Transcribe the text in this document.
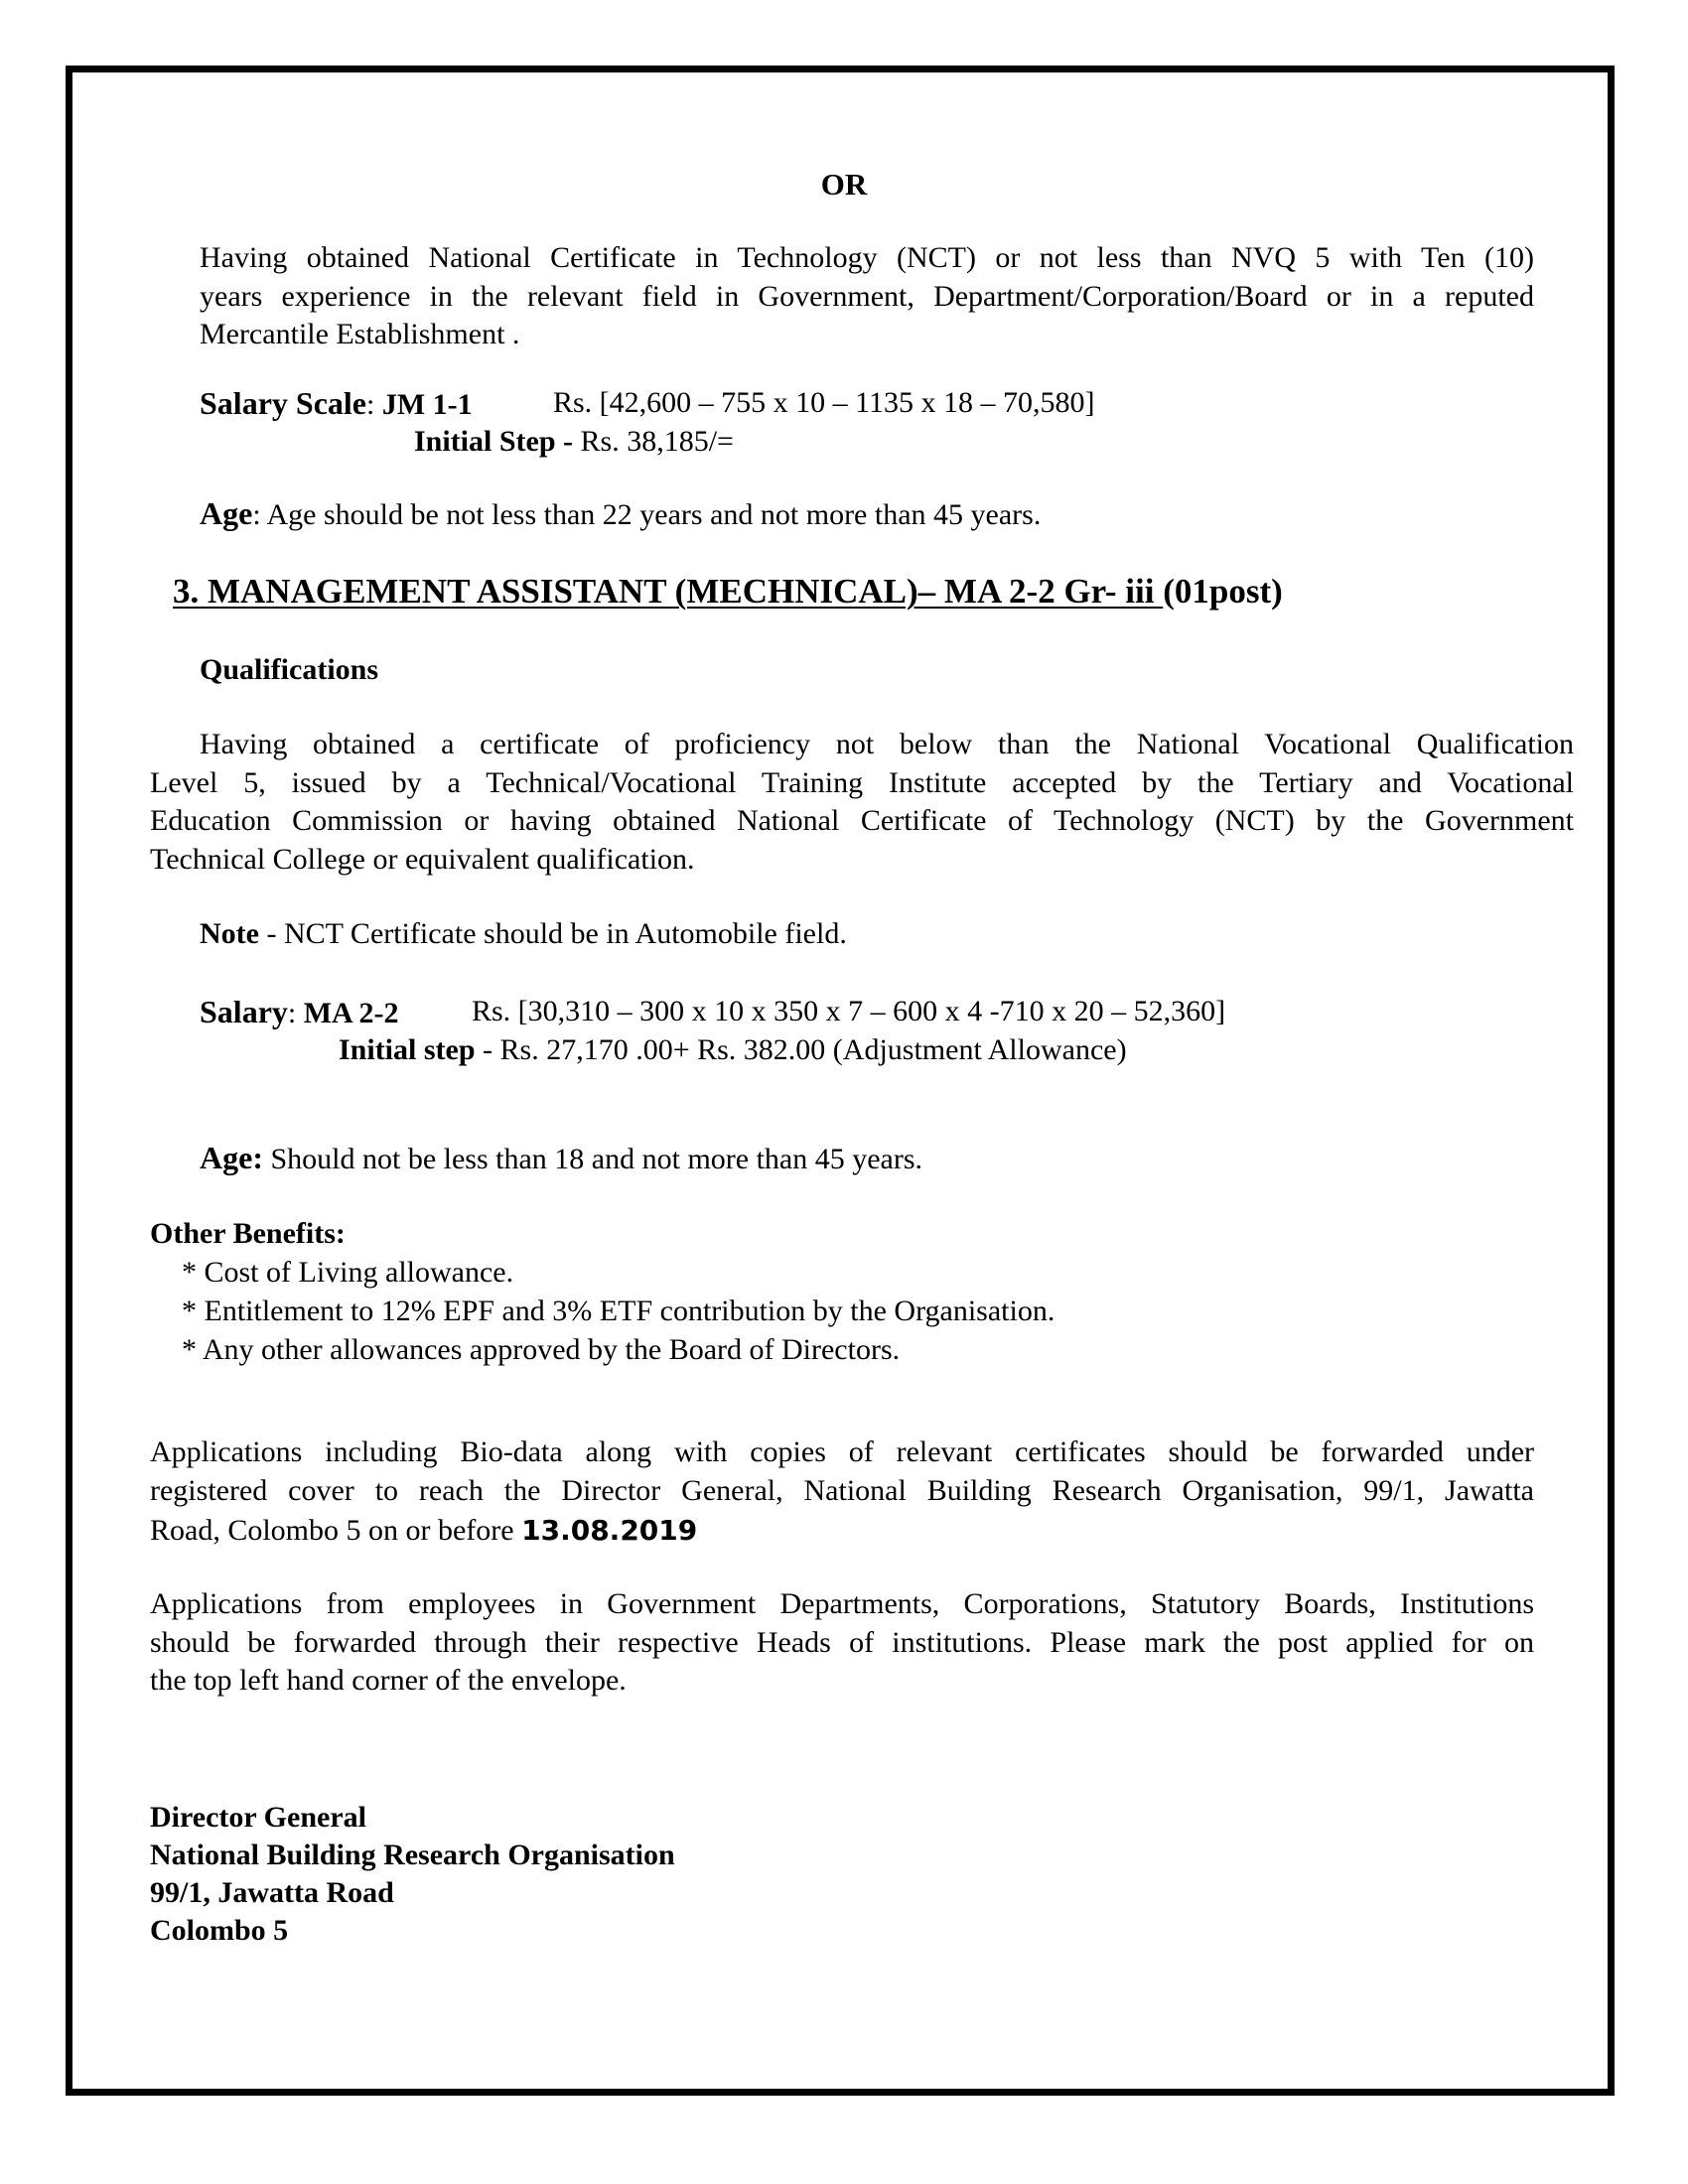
OR

Having obtained National Certificate in Technology (NCT) or not less than NVQ 5 with Ten (10)
years experience in the relevant field in Government, Department/Corporation/Board or in a reputed
Mercantile Establishment .

Salary Scale: JM 1-1	Rs. [42,600 – 755 x 10 – 1135 x 18 – 70,580]

Initial Step - Rs. 38,185/=

Age: Age should be not less than 22 years and not more than 45 years.

3. MANAGEMENT ASSISTANT (MECHNICAL)– MA 2-2 Gr- iii (01post)

Qualifications

Having obtained a certificate of proficiency not below than the National Vocational Qualification
Level 5, issued by a Technical/Vocational Training Institute accepted by the Tertiary and Vocational
Education Commission or having obtained National Certificate of Technology (NCT) by the Government
Technical College or equivalent qualification.

Note - NCT Certificate should be in Automobile field.

Salary: MA 2-2 Rs. [30,310 – 300 x 10 x 350 x 7 – 600 x 4 -710 x 20 – 52,360]

Initial step - Rs. 27,170 .00+ Rs. 382.00 (Adjustment Allowance)

Age: Should not be less than 18 and not more than 45 years.

Other Benefits:

* Cost of Living allowance.

* Entitlement to 12% EPF and 3% ETF contribution by the Organisation.

* Any other allowances approved by the Board of Directors.

Applications including Bio-data along with copies of relevant certificates should be forwarded under
registered cover to reach the Director General, National Building Research Organisation, 99/1, Jawatta
Road, Colombo 5 on or before 13.08.2019
Applications from employees in Government Departments, Corporations, Statutory Boards, Institutions
should be forwarded through their respective Heads of institutions. Please mark the post applied for on
the top left hand corner of the envelope.

Director General

National Building Research Organisation

99/1, Jawatta Road

Colombo 5
